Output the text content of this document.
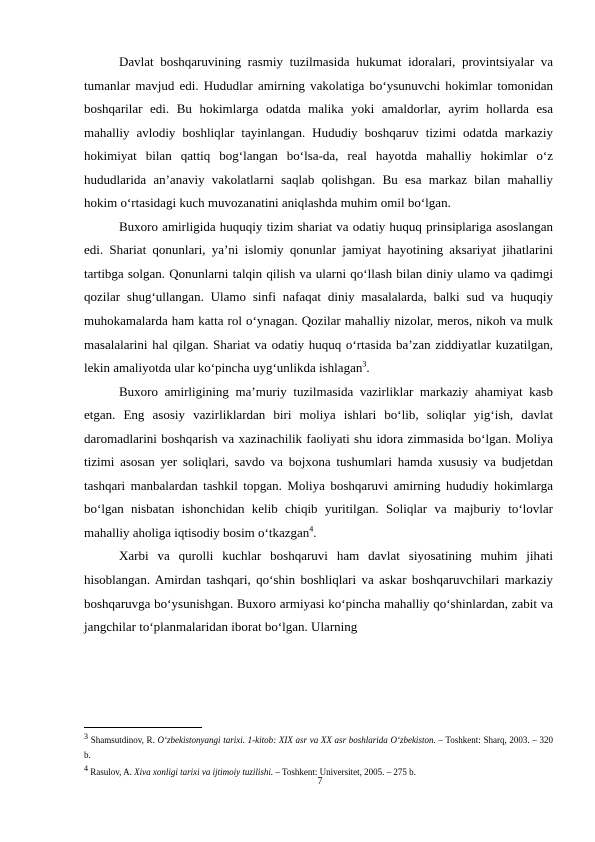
Davlat boshqaruvining rasmiy tuzilmasida hukumat idoralari, provintsiyalar va tumanlar mavjud edi. Hududlar amirning vakolatiga bo‘ysunuvchi hokimlar tomonidan boshqarilar edi. Bu hokimlarga odatda malika yoki amaldorlar, ayrim hollarda esa mahalliy avlodiy boshliqlar tayinlangan. Hududiy boshqaruv tizimi odatda markaziy hokimiyat bilan qattiq bog‘langan bo‘lsa-da, real hayotda mahalliy hokimlar o‘z hududlarida an’anaviy vakolatlarni saqlab qolishgan. Bu esa markaz bilan mahalliy hokim o‘rtasidagi kuch muvozanatini aniqlashda muhim omil bo‘lgan.

Buxoro amirligida huquqiy tizim shariat va odatiy huquq prinsiplariga asoslangan edi. Shariat qonunlari, ya’ni islomiy qonunlar jamiyat hayotining aksariyat jihatlarini tartibga solgan. Qonunlarni talqin qilish va ularni qo‘llash bilan diniy ulamo va qadimgi qozilar shug‘ullangan. Ulamo sinfi nafaqat diniy masalalarda, balki sud va huquqiy muhokamalarda ham katta rol o‘ynagan. Qozilar mahalliy nizolar, meros, nikoh va mulk masalalarini hal qilgan. Shariat va odatiy huquq o‘rtasida ba’zan ziddiyatlar kuzatilgan, lekin amaliyotda ular ko‘pincha uyg‘unlikda ishlagan$^3$.

Buxoro amirligining ma’muriy tuzilmasida vazirliklar markaziy ahamiyat kasb etgan. Eng asosiy vazirliklardan biri moliya ishlari bo‘lib, soliqlar yig‘ish, davlat daromadlarini boshqarish va xazinachilik faoliyati shu idora zimmasida bo‘lgan. Moliya tizimi asosan yer soliqlari, savdo va bojxona tushumlari hamda xususiy va budjetdan tashqari manbalardan tashkil topgan. Moliya boshqaruvi amirning hududiy hokimlarga bo‘lgan nisbatan ishonchidan kelib chiqib yuritilgan. Soliqlar va majburiy to‘lovlar mahalliy aholiga iqtisodiy bosim o‘tkazgan$^4$.

Xarbi va qurolli kuchlar boshqaruvi ham davlat siyosatining muhim jihati hisoblangan. Amirdan tashqari, qo‘shin boshliqlari va askar boshqaruvchilari markaziy boshqaruvga bo‘ysunishgan. Buxoro armiyasi ko‘pincha mahalliy qo‘shinlardan, zabit va jangchilar to‘planmalaridan iborat bo‘lgan. Ularning

$^3$ Shamsutdinov, R. O‘zbekistonyangi tarixi. 1-kitob: XIX asr va XX asr boshlarida O‘zbekiston. – Toshkent: Sharq, 2003. – 320 b.

$^4$ Rasulov, A. Xiva xonligi tarixi va ijtimoiy tuzilishi. – Toshkent: Universitet, 2005. – 275 b.

7
